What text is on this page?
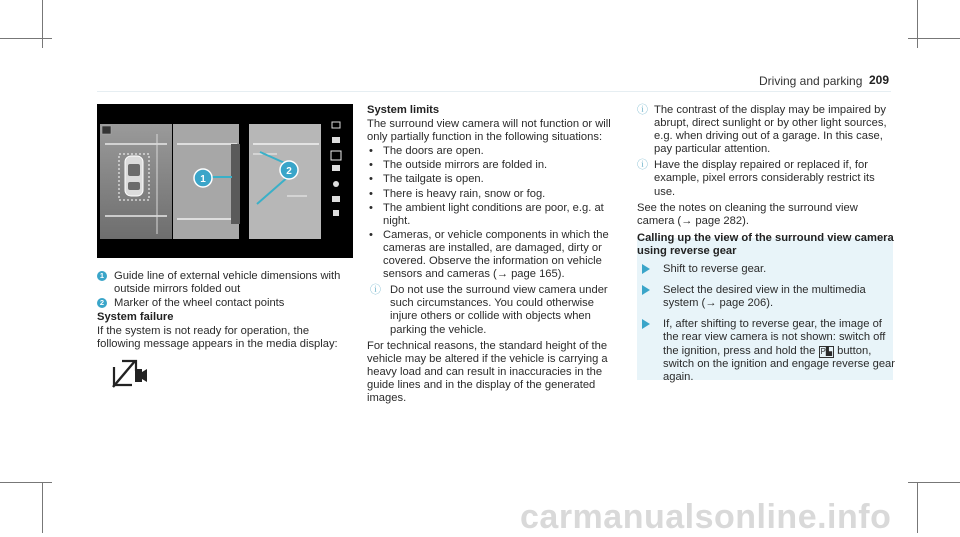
Driving and parking 209
1
2
1 Guide line of external vehicle dimensions with outside mirrors folded out
2 Marker of the wheel contact points
System failure
If the system is not ready for operation, the following message appears in the media display:
System limits
The surround view camera will not function or will only partially function in the following situations:
• The doors are open.
• The outside mirrors are folded in.
• The tailgate is open.
• There is heavy rain, snow or fog.
• The ambient light conditions are poor, e.g. at night.
• Cameras, or vehicle components in which the cameras are installed, are damaged, dirty or covered. Observe the information on vehicle sensors and cameras (→ page 165).
ⓘ Do not use the surround view camera under such circumstances. You could otherwise injure others or collide with objects when parking the vehicle.
For technical reasons, the standard height of the vehicle may be altered if the vehicle is carrying a heavy load and can result in inaccuracies in the guide lines and in the display of the generated images.
ⓘ The contrast of the display may be impaired by abrupt, direct sunlight or by other light sources, e.g. when driving out of a garage. In this case, pay particular attention.
ⓘ Have the display repaired or replaced if, for example, pixel errors considerably restrict its use.
See the notes on cleaning the surround view camera (→ page 282).
Calling up the view of the surround view camera using reverse gear
Shift to reverse gear.
Select the desired view in the multimedia system (→ page 206).
If, after shifting to reverse gear, the image of the rear view camera is not shown: switch off the ignition, press and hold the P▙ button, switch on the ignition and engage reverse gear again.
carmanualsonline.info
